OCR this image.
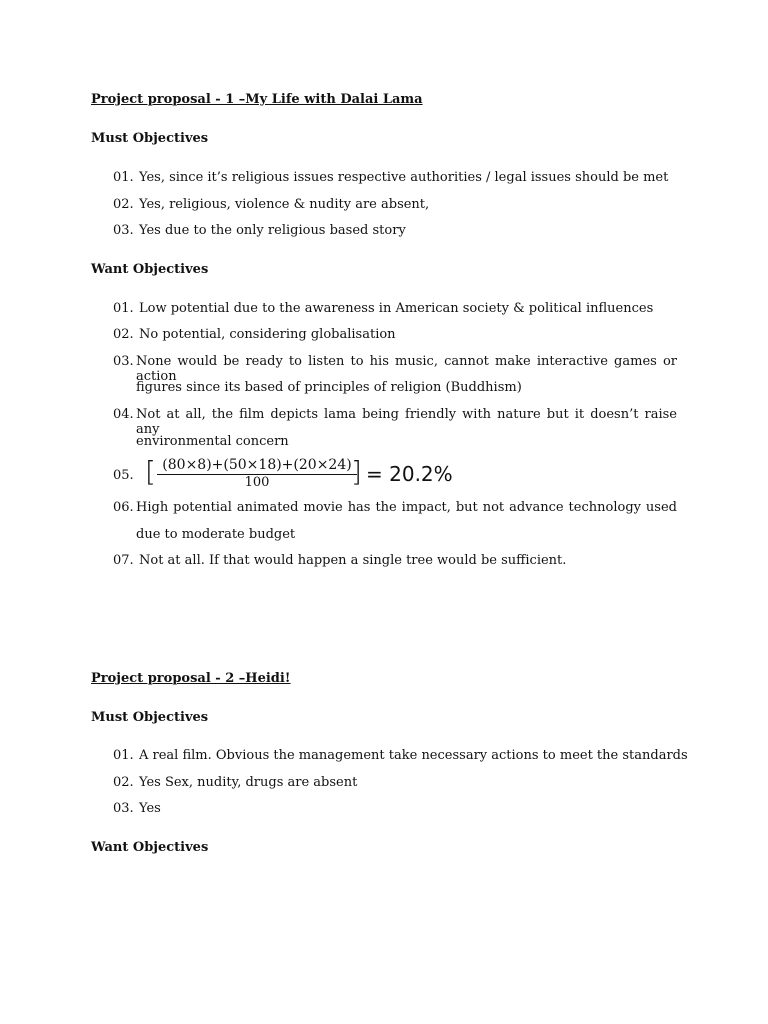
Project proposal - 1 –My Life with Dalai Lama
Must Objectives
01. Yes, since it’s religious issues respective authorities / legal issues should be met
02. Yes, religious, violence & nudity are absent,
03. Yes due to the only religious based story
Want Objectives
01. Low potential due to the awareness in American society & political influences
02. No potential, considering globalisation
03. None would be ready to listen to his music, cannot make interactive games or action
figures since its based of principles of religion (Buddhism)
04. Not at all, the film depicts lama being friendly with nature but it doesn’t raise any
environmental concern
05. [ $\frac{(80\times 8)+(50\times 18)+(20\times 24)}{100}$
] = 20.2%
06. High potential animated movie has the impact, but not advance technology used
due to moderate budget
07. Not at all. If that would happen a single tree would be sufficient.
Project proposal - 2 –Heidi!
Must Objectives
01. A real film. Obvious the management take necessary actions to meet the standards
02. Yes Sex, nudity, drugs are absent
03. Yes
Want Objectives
